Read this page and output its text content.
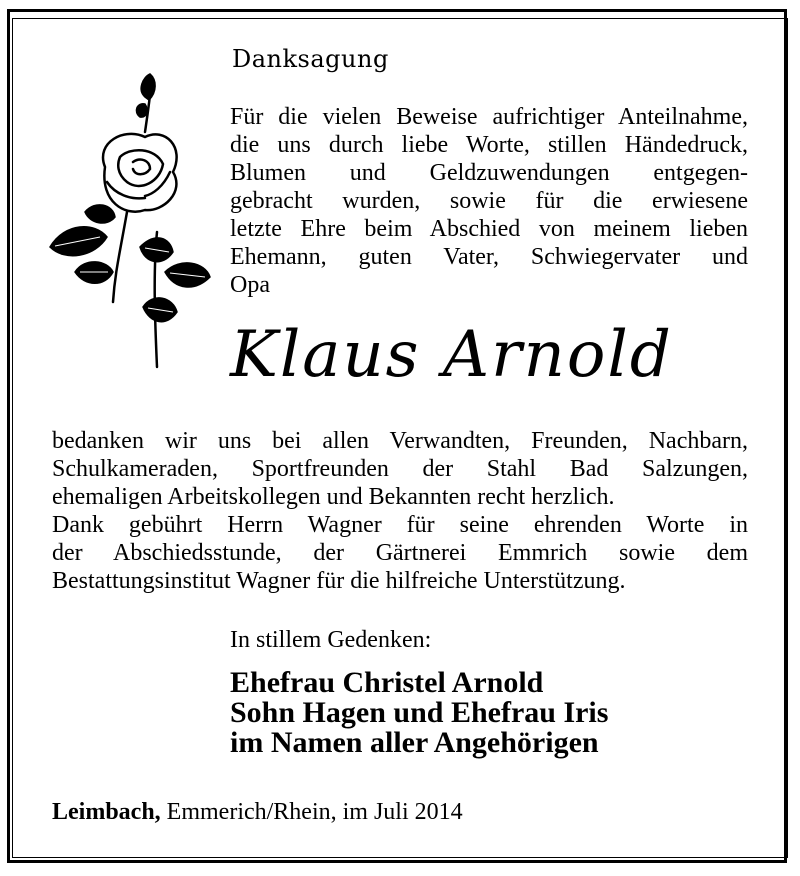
Danksagung
Für die vielen Beweise aufrichtiger Anteilnahme,
die uns durch liebe Worte, stillen Händedruck,
Blumen und Geldzuwendungen entgegen-
gebracht wurden, sowie für die erwiesene
letzte Ehre beim Abschied von meinem lieben
Ehemann, guten Vater, Schwiegervater und
Opa
Klaus Arnold
bedanken wir uns bei allen Verwandten, Freunden, Nachbarn,
Schulkameraden, Sportfreunden der Stahl Bad Salzungen,
ehemaligen Arbeitskollegen und Bekannten recht herzlich.
Dank gebührt Herrn Wagner für seine ehrenden Worte in
der Abschiedsstunde, der Gärtnerei Emmrich sowie dem
Bestattungsinstitut Wagner für die hilfreiche Unterstützung.
In stillem Gedenken:
Ehefrau Christel Arnold
Sohn Hagen und Ehefrau Iris
im Namen aller Angehörigen
Leimbach, Emmerich/Rhein, im Juli 2014
